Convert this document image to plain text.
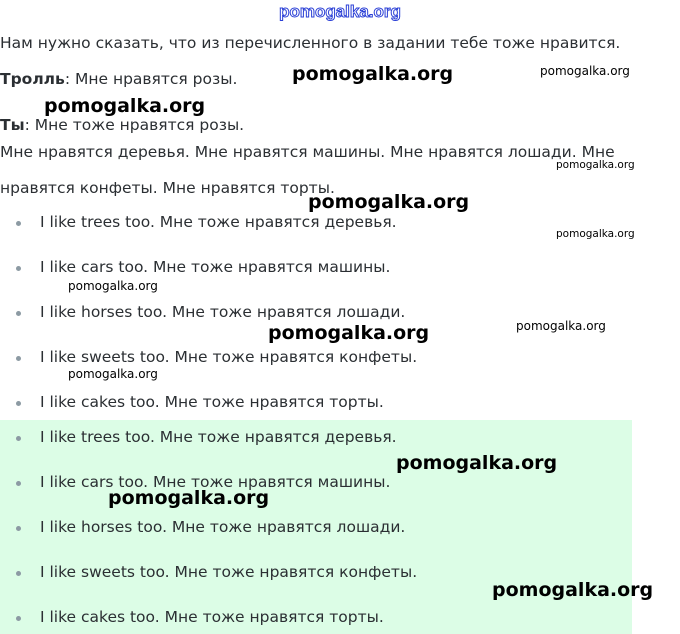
pomogalka.org
Нам нужно сказать, что из перечисленного в задании тебе тоже нравится.
Тролль: Мне нравятся розы.
Ты: Мне тоже нравятся розы.
Мне нравятся деревья. Мне нравятся машины. Мне нравятся лошади. Мне
нравятся конфеты. Мне нравятся торты.
I like trees too. Мне тоже нравятся деревья.
I like cars too. Мне тоже нравятся машины.
I like horses too. Мне тоже нравятся лошади.
I like sweets too. Мне тоже нравятся конфеты.
I like cakes too. Мне тоже нравятся торты.
I like trees too. Мне тоже нравятся деревья.
I like cars too. Мне тоже нравятся машины.
I like horses too. Мне тоже нравятся лошади.
I like sweets too. Мне тоже нравятся конфеты.
I like cakes too. Мне тоже нравятся торты.
pomogalka.org	pomogalka.org
pomogalka.org
pomogalka.org
pomogalka.org
pomogalka.org
pomogalka.org
pomogalka.org	pomogalka.org
pomogalka.org
pomogalka.org
pomogalka.org
pomogalka.org
